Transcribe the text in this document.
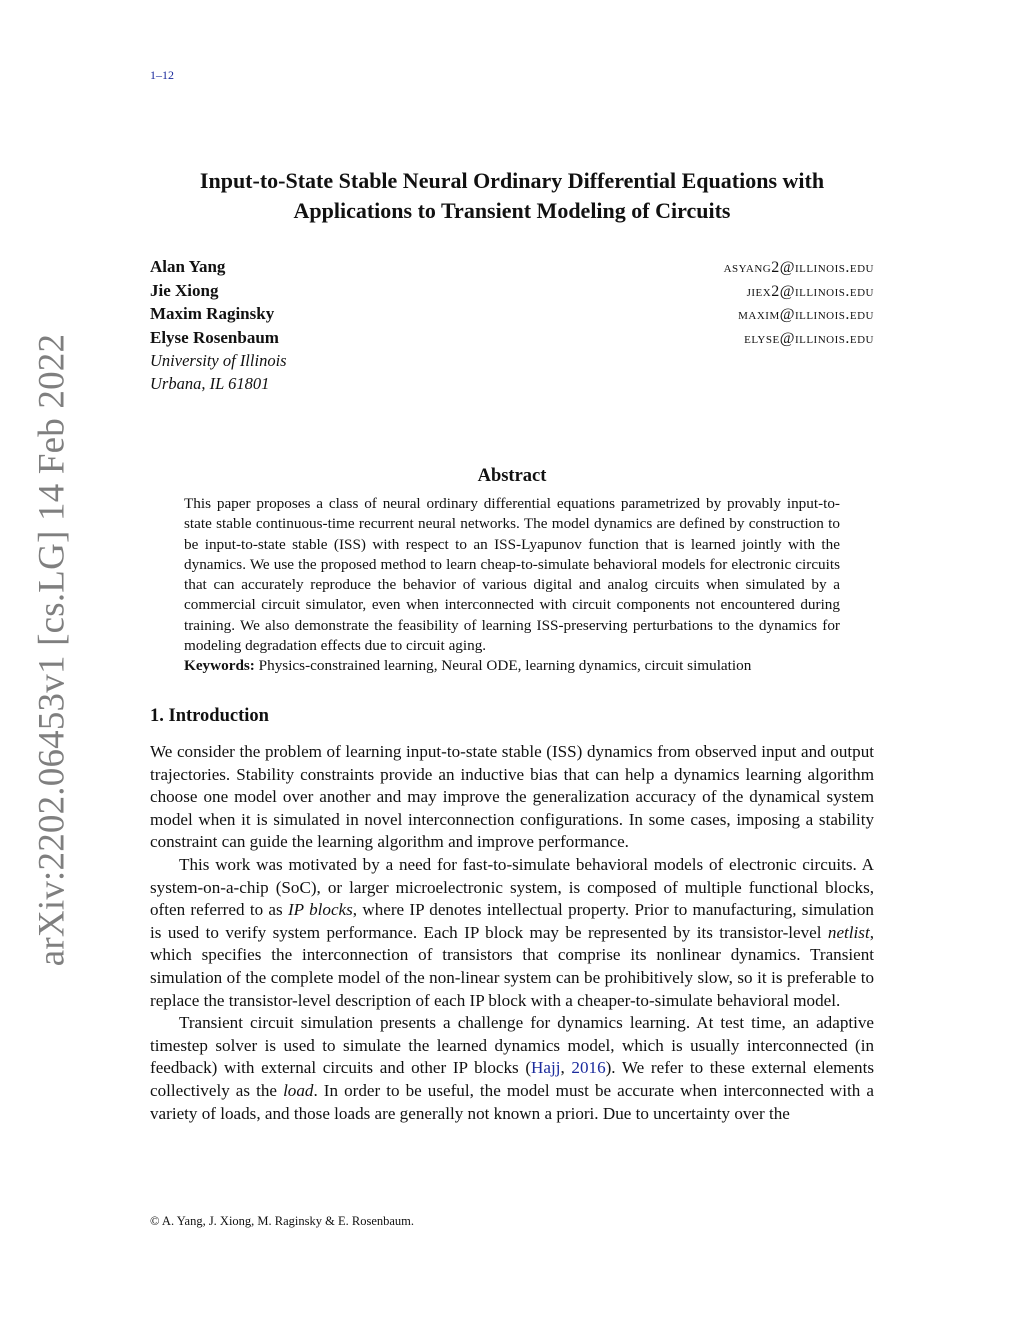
1–12
arXiv:2202.06453v1 [cs.LG] 14 Feb 2022
Input-to-State Stable Neural Ordinary Differential Equations with
Applications to Transient Modeling of Circuits
Alan Yang	asyang2@illinois.edu
Jie Xiong	jiex2@illinois.edu
Maxim Raginsky	maxim@illinois.edu
Elyse Rosenbaum	elyse@illinois.edu
University of Illinois
Urbana, IL 61801
Abstract

This paper proposes a class of neural ordinary differential equations parametrized by provably input-to-state stable continuous-time recurrent neural networks. The model dynamics are defined by construction to be input-to-state stable (ISS) with respect to an ISS-Lyapunov function that is learned jointly with the dynamics. We use the proposed method to learn cheap-to-simulate behavioral models for electronic circuits that can accurately reproduce the behavior of various digital and analog circuits when simulated by a commercial circuit simulator, even when interconnected with circuit components not encountered during training. We also demonstrate the feasibility of learning ISS-preserving perturbations to the dynamics for modeling degradation effects due to circuit aging.

Keywords: Physics-constrained learning, Neural ODE, learning dynamics, circuit simulation

1. Introduction

We consider the problem of learning input-to-state stable (ISS) dynamics from observed input and output trajectories. Stability constraints provide an inductive bias that can help a dynamics learning algorithm choose one model over another and may improve the generalization accuracy of the dynamical system model when it is simulated in novel interconnection configurations. In some cases, imposing a stability constraint can guide the learning algorithm and improve performance.

This work was motivated by a need for fast-to-simulate behavioral models of electronic circuits. A system-on-a-chip (SoC), or larger microelectronic system, is composed of multiple functional blocks, often referred to as IP blocks, where IP denotes intellectual property. Prior to manufacturing, simulation is used to verify system performance. Each IP block may be represented by its transistor-level netlist, which specifies the interconnection of transistors that comprise its nonlinear dynamics. Transient simulation of the complete model of the non-linear system can be prohibitively slow, so it is preferable to replace the transistor-level description of each IP block with a cheaper-to-simulate behavioral model.

Transient circuit simulation presents a challenge for dynamics learning. At test time, an adaptive timestep solver is used to simulate the learned dynamics model, which is usually interconnected (in feedback) with external circuits and other IP blocks (Hajj, 2016). We refer to these external elements collectively as the load. In order to be useful, the model must be accurate when interconnected with a variety of loads, and those loads are generally not known a priori. Due to uncertainty over the

© A. Yang, J. Xiong, M. Raginsky & E. Rosenbaum.
